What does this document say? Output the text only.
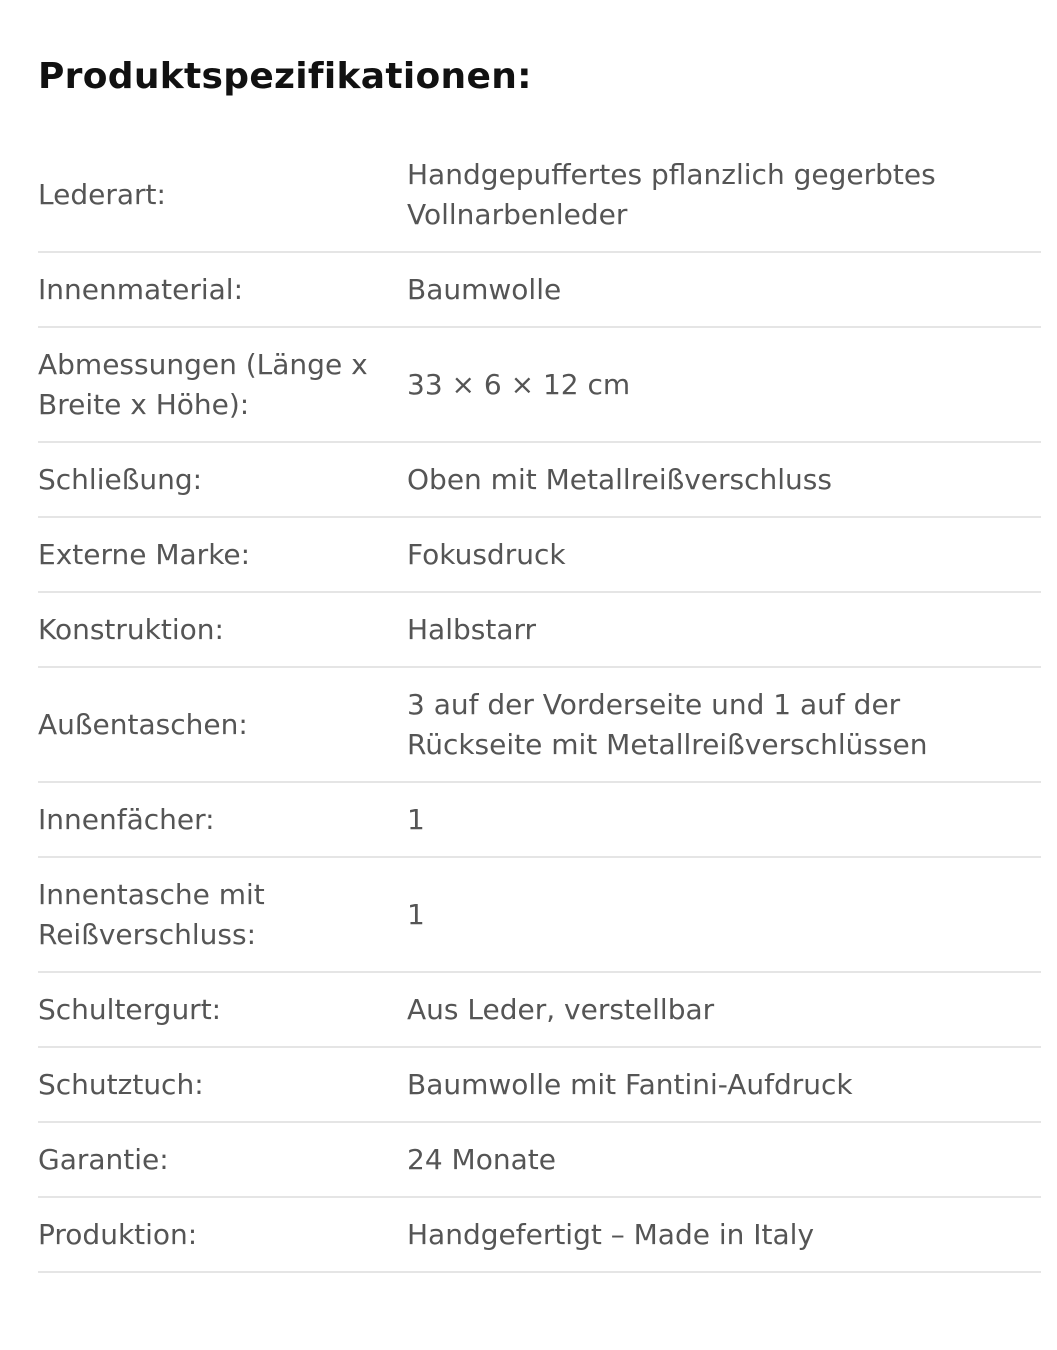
Produktspezifikationen:
Lederart:	Handgepuffertes pflanzlich gegerbtes Vollnarbenleder
Innenmaterial:	Baumwolle
Abmessungen (Länge x Breite x Höhe):	33 × 6 × 12 cm
Schließung:	Oben mit Metallreißverschluss
Externe Marke:	Fokusdruck
Konstruktion:	Halbstarr
Außentaschen:	3 auf der Vorderseite und 1 auf der Rückseite mit Metallreißverschlüssen
Innenfächer:	1
Innentasche mit Reißverschluss:	1
Schultergurt:	Aus Leder, verstellbar
Schutztuch:	Baumwolle mit Fantini-Aufdruck
Garantie:	24 Monate
Produktion:	Handgefertigt – Made in Italy
